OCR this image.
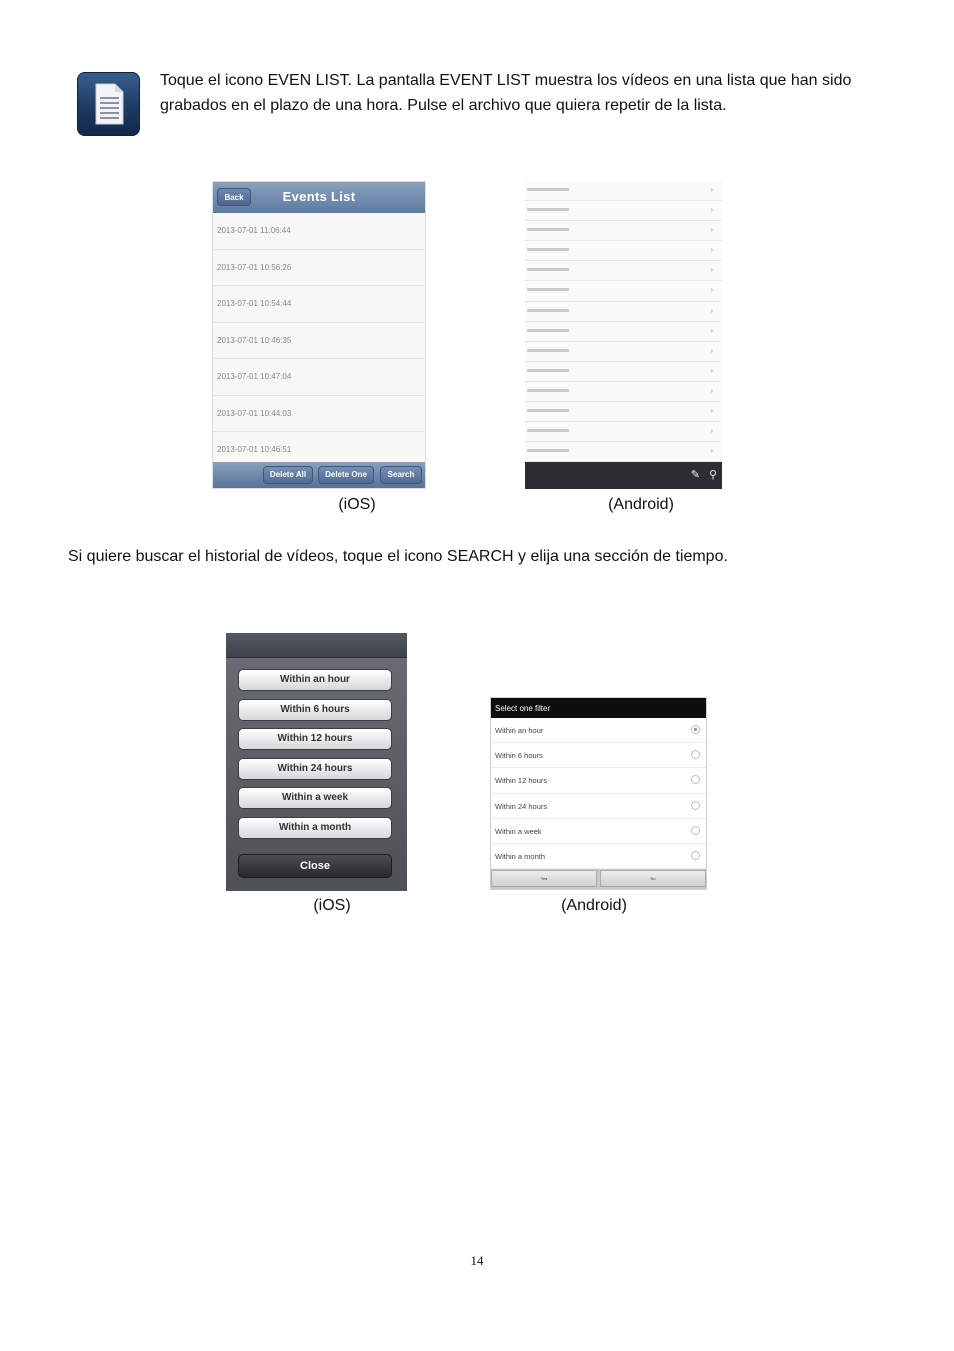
Toque el icono EVEN LIST. La pantalla EVENT LIST muestra los vídeos en una lista que han sido
grabados en el plazo de una hora. Pulse el archivo que quiera repetir de la lista.
Back	Events List
2013-07-01 11:06:44
2013-07-01 10:56:26
2013-07-01 10:54:44
2013-07-01 10:46:35
2013-07-01 10:47:04
2013-07-01 10:44:03
2013-07-01 10:46:51
Delete All	Delete One	Search
›
›
›
›
›
›
›
›
›
›
›
›
›
›
✎ ⚲
(iOS)	(Android)
Si quiere buscar el historial de vídeos, toque el icono SEARCH y elija una sección de tiempo.
Within an hour
Within 6 hours
Within 12 hours
Within 24 hours
Within a week
Within a month
Close
Select one filter
Within an hour
Within 6 hours
Within 12 hours
Within 24 hours
Within a week
Within a month
Yes	No
(iOS)	(Android)
14
